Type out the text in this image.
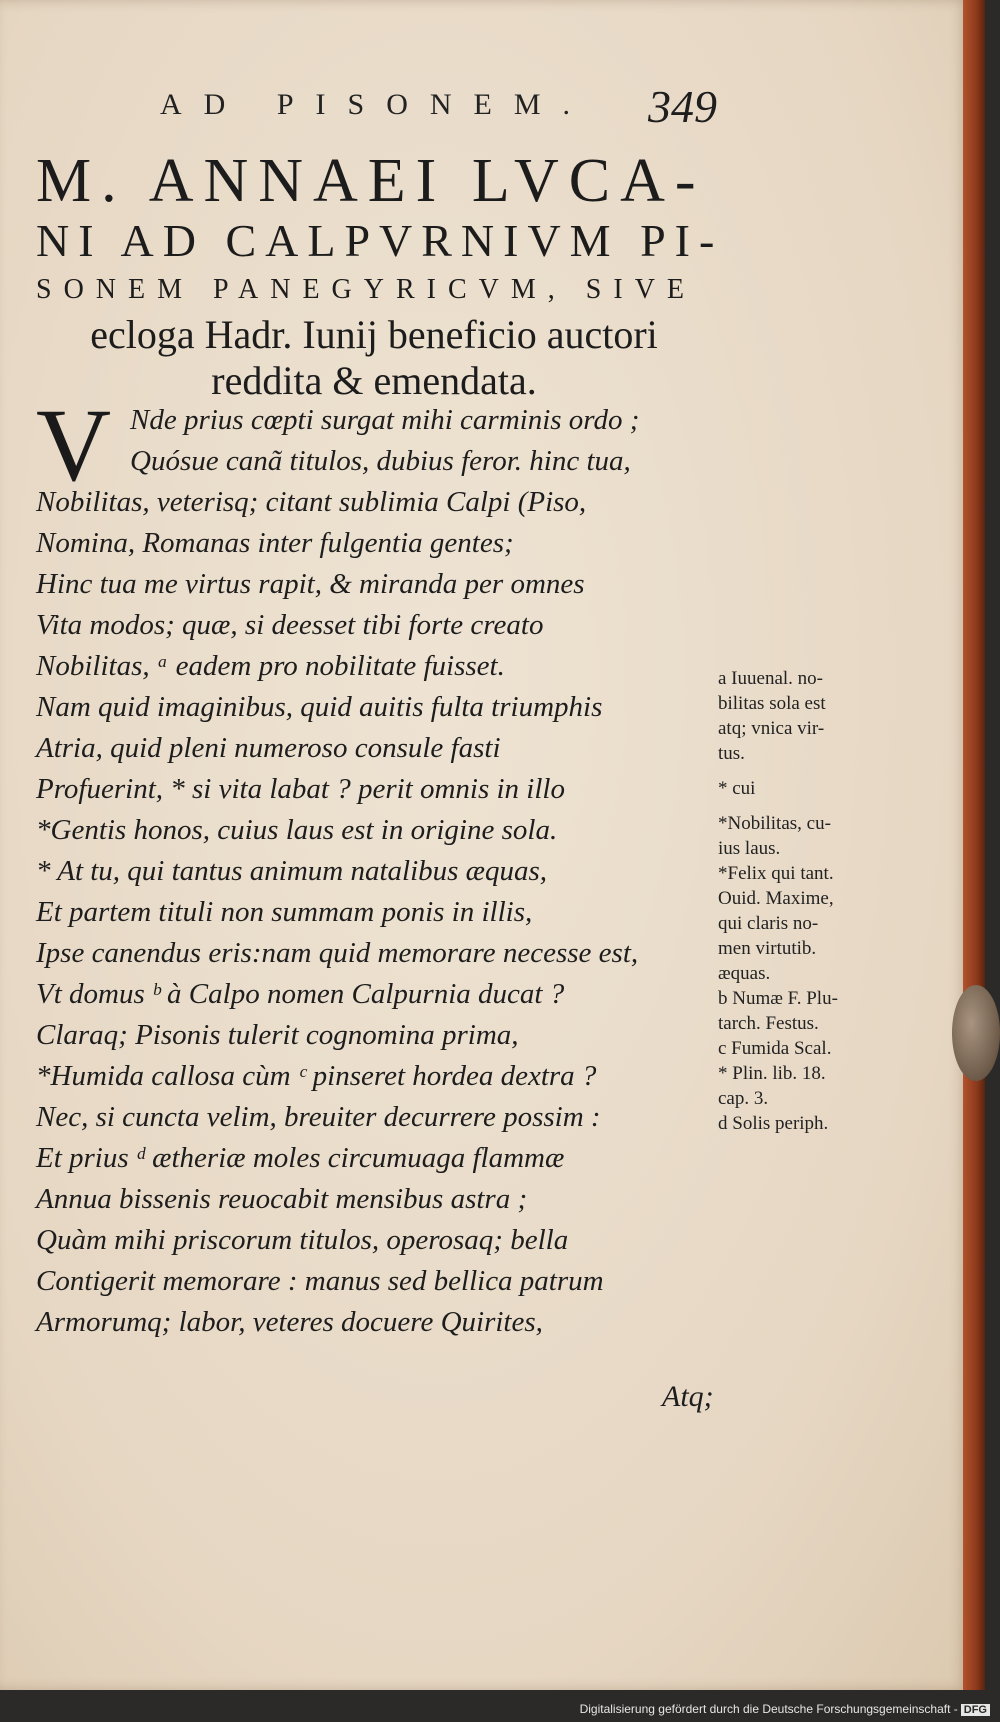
AD PISONEM.	349
M. ANNAEI LVCA-
NI AD CALPVRNIVM PI-
SONEM PANEGYRICVM, SIVE
ecloga Hadr. Iunij beneficio auctori
reddita & emendata.
V Nde prius cœpti surgat mihi carminis ordo ;
Quósue canã titulos, dubius feror. hinc tua,
Nobilitas, veterisq; citant sublimia Calpi (Piso,
Nomina, Romanas inter fulgentia gentes;
Hinc tua me virtus rapit, & miranda per omnes
Vita modos; quæ, si deesset tibi forte creato
Nobilitas, ᵃ eadem pro nobilitate fuisset.
Nam quid imaginibus, quid auitis fulta triumphis
Atria, quid pleni numeroso consule fasti
Profuerint, * si vita labat ? perit omnis in illo
*Gentis honos, cuius laus est in origine sola.
* At tu, qui tantus animum natalibus æquas,
Et partem tituli non summam ponis in illis,
Ipse canendus eris:nam quid memorare necesse est,
Vt domus ᵇ à Calpo nomen Calpurnia ducat ?
Claraq; Pisonis tulerit cognomina prima,
*Humida callosa cùm ᶜ pinseret hordea dextra ?
Nec, si cuncta velim, breuiter decurrere possim :
Et prius ᵈ ætheriæ moles circumuaga flammæ
Annua bissenis reuocabit mensibus astra ;
Quàm mihi priscorum titulos, operosaq; bella
Contigerit memorare : manus sed bellica patrum
Armorumq; labor, veteres docuere Quirites,
Atq;
a Iuuenal. no-
bilitas sola est
atq; vnica vir-
tus.
* cui
*Nobilitas, cu-
ius laus.
*Felix qui tant.
Ouid. Maxime,
qui claris no-
men virtutib.
æquas.
b Numæ F. Plu-
tarch. Festus.
c Fumida Scal.
* Plin. lib. 18.
cap. 3.
d Solis periph.
Digitalisierung gefördert durch die Deutsche Forschungsgemeinschaft - DFG
